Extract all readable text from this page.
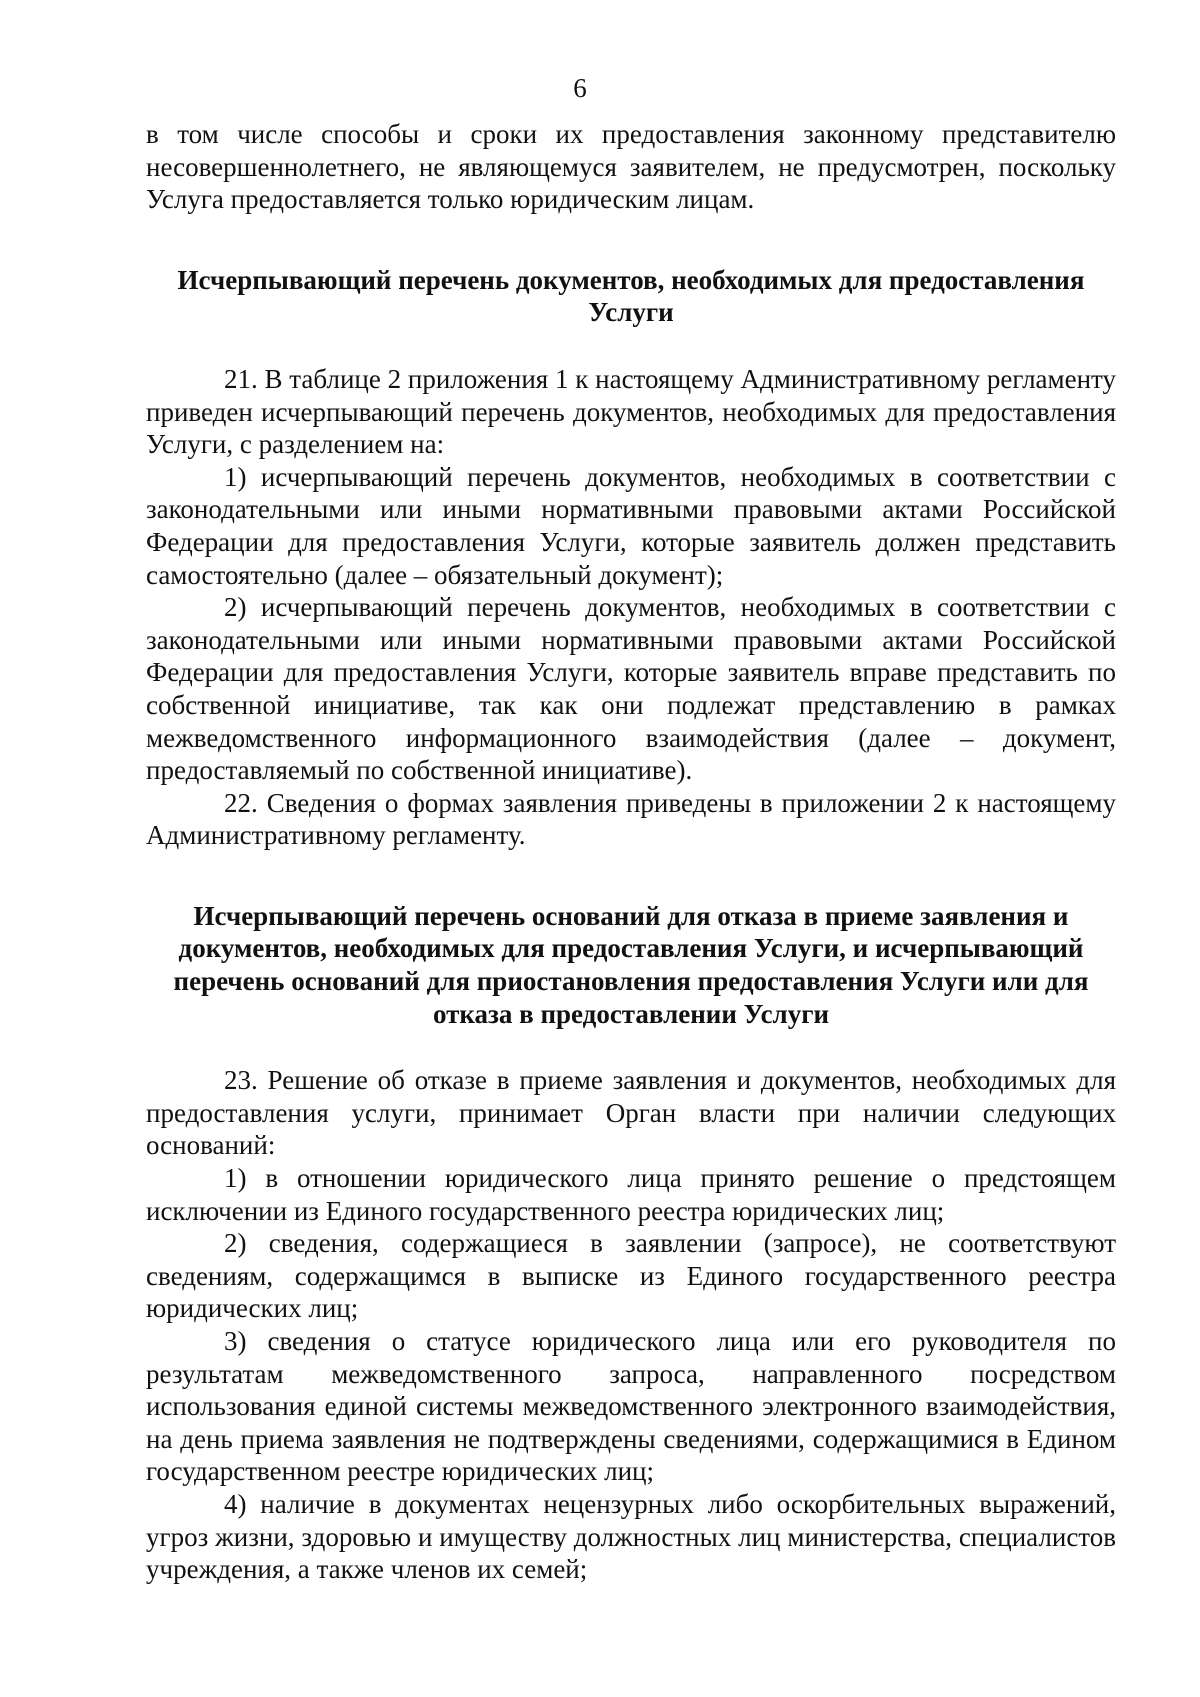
6

в том числе способы и сроки их предоставления законному представителю несовершеннолетнего, не являющемуся заявителем, не предусмотрен, поскольку Услуга предоставляется только юридическим лицам.

Исчерпывающий перечень документов, необходимых для предоставления Услуги

21. В таблице 2 приложения 1 к настоящему Административному регламенту приведен исчерпывающий перечень документов, необходимых для предоставления Услуги, с разделением на:

1) исчерпывающий перечень документов, необходимых в соответствии с законодательными или иными нормативными правовыми актами Российской Федерации для предоставления Услуги, которые заявитель должен представить самостоятельно (далее – обязательный документ);

2) исчерпывающий перечень документов, необходимых в соответствии с законодательными или иными нормативными правовыми актами Российской Федерации для предоставления Услуги, которые заявитель вправе представить по собственной инициативе, так как они подлежат представлению в рамках межведомственного информационного взаимодействия (далее – документ, предоставляемый по собственной инициативе).

22. Сведения о формах заявления приведены в приложении 2 к настоящему Административному регламенту.

Исчерпывающий перечень оснований для отказа в приеме заявления и документов, необходимых для предоставления Услуги, и исчерпывающий перечень оснований для приостановления предоставления Услуги или для отказа в предоставлении Услуги

23. Решение об отказе в приеме заявления и документов, необходимых для предоставления услуги, принимает Орган власти при наличии следующих оснований:

1) в отношении юридического лица принято решение о предстоящем исключении из Единого государственного реестра юридических лиц;

2) сведения, содержащиеся в заявлении (запросе), не соответствуют сведениям, содержащимся в выписке из Единого государственного реестра юридических лиц;

3) сведения о статусе юридического лица или его руководителя по результатам межведомственного запроса, направленного посредством использования единой системы межведомственного электронного взаимодействия, на день приема заявления не подтверждены сведениями, содержащимися в Едином государственном реестре юридических лиц;

4) наличие в документах нецензурных либо оскорбительных выражений, угроз жизни, здоровью и имуществу должностных лиц министерства, специалистов учреждения, а также членов их семей;
